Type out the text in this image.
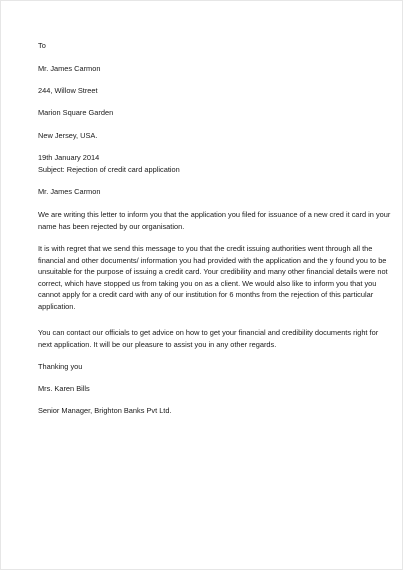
To
Mr. James Carmon
244, Willow Street
Marion Square Garden
New Jersey, USA.
19th January 2014
Subject: Rejection of credit card application
Mr. James Carmon
We are writing this letter to inform you that the application you filed for issuance of a new cred it card in your
name has been rejected by our organisation.
It is with regret that we send this message to you that the credit issuing authorities went through all the
financial and other documents/ information you had provided with the application and the y found you to be
unsuitable for the purpose of issuing a credit card. Your credibility and many other financial details were not
correct, which have stopped us from taking you on as a client. We would also like to inform you that you
cannot apply for a credit card with any of our institution for 6 months from the rejection of this particular
application.
You can contact our officials to get advice on how to get your financial and credibility documents right for
next application. It will be our pleasure to assist you in any other regards.
Thanking you
Mrs. Karen Bills
Senior Manager, Brighton Banks Pvt Ltd.
